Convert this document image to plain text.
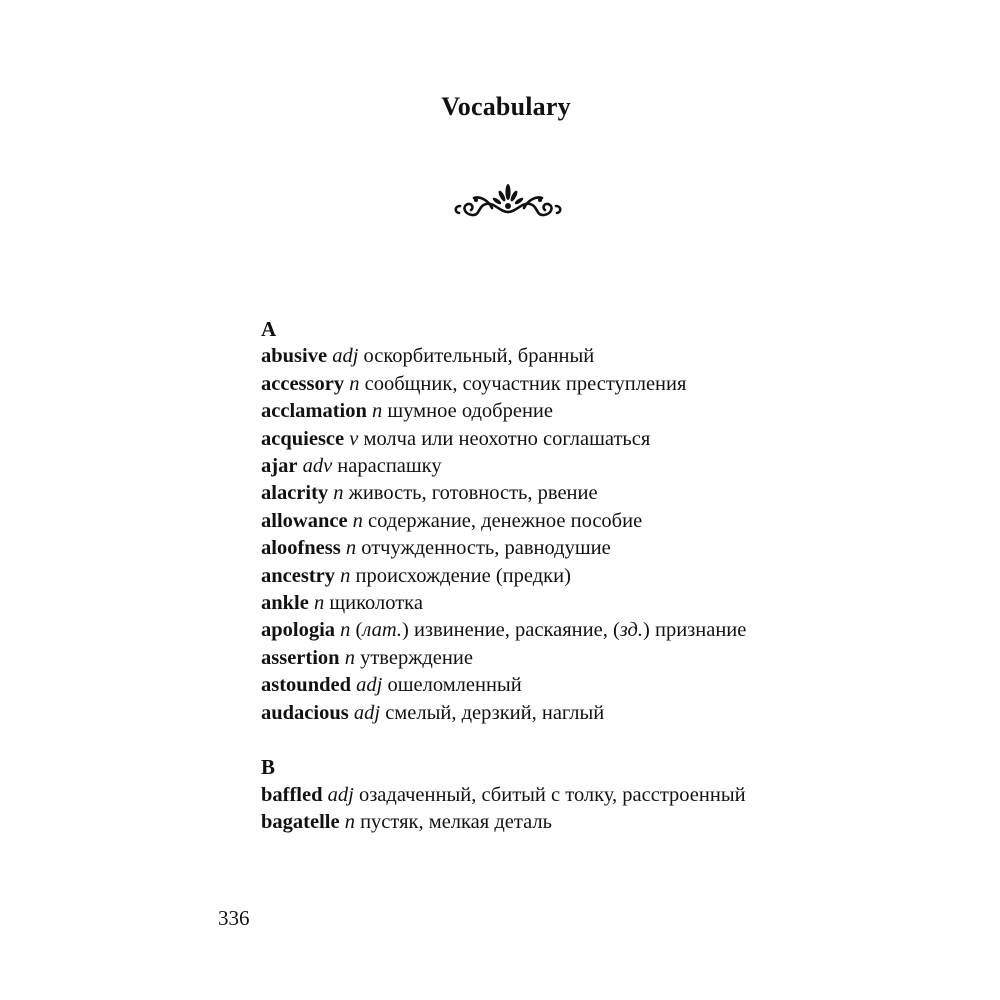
Vocabulary
A
abusive adj оскорбительный, бранный
accessory n сообщник, соучастник преступления
acclamation n шумное одобрение
acquiesce v молча или неохотно соглашаться
ajar adv нараспашку
alacrity n живость, готовность, рвение
allowance n содержание, денежное пособие
aloofness n отчужденность, равнодушие
ancestry n происхождение (предки)
ankle n щиколотка
apologia n (лат.) извинение, раскаяние, (зд.) признание
assertion n утверждение
astounded adj ошеломленный
audacious adj смелый, дерзкий, наглый
B
baffled adj озадаченный, сбитый с толку, расстроенный
bagatelle n пустяк, мелкая деталь
336
